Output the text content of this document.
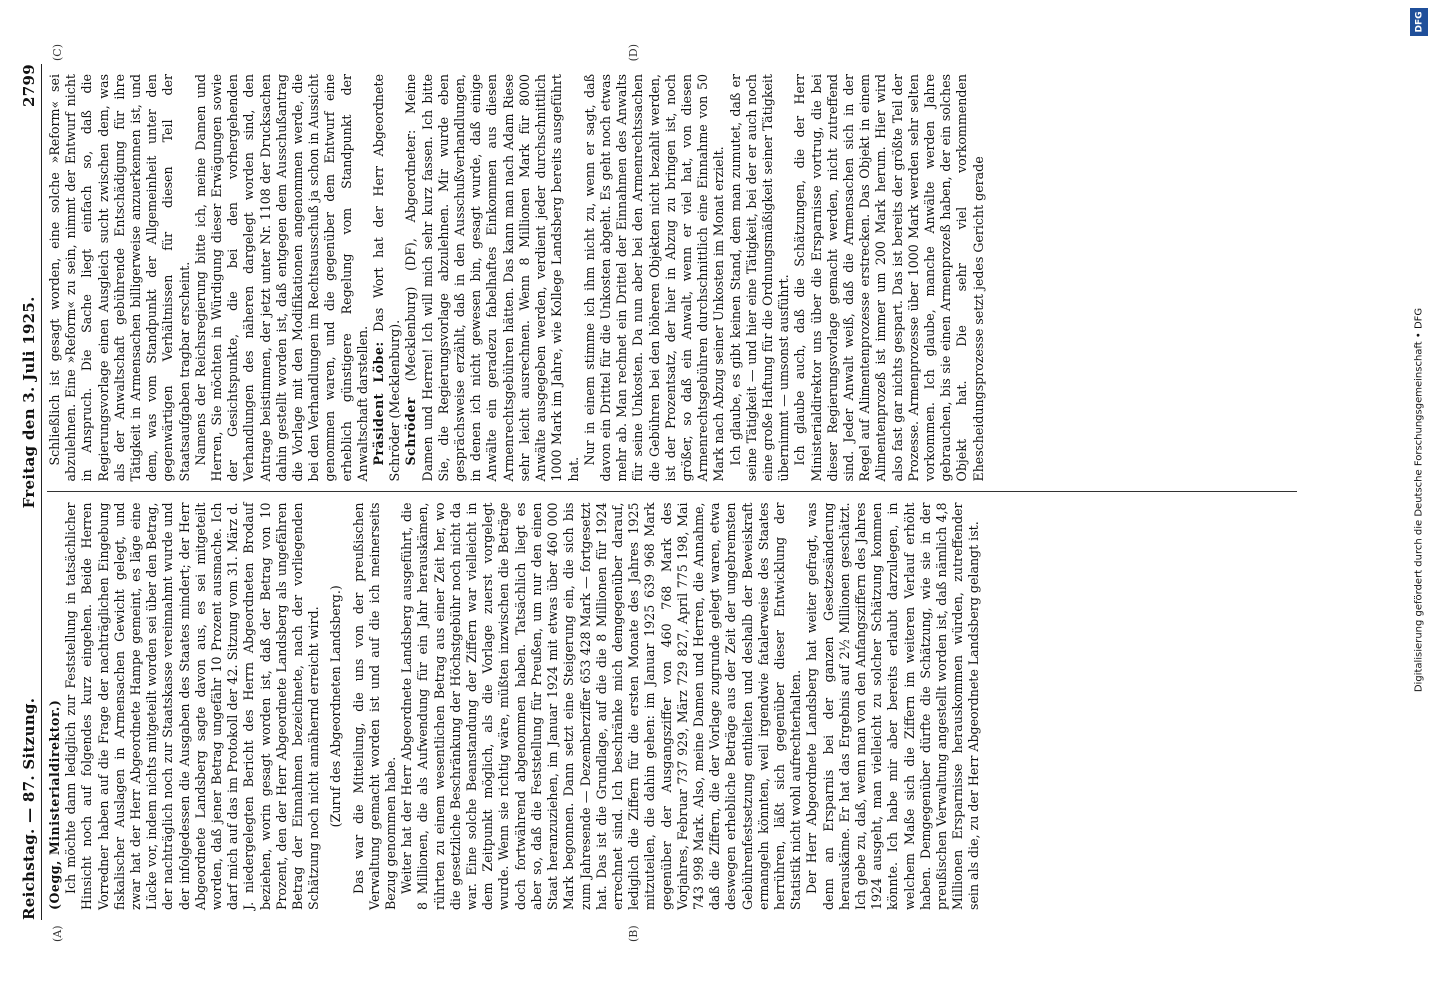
Reichstag. — 87. Sitzung.
Freitag den 3. Juli 1925.
2799
(A)	(B)
(C)	(D)

(Oegg, Ministerialdirektor.) Ich möchte dann lediglich zur Feststellung in tatsächlicher Hinsicht noch auf folgendes kurz eingehen. Beide Herren Vorredner haben auf die Frage der nachträglichen Eingebung fiskalischer Auslagen in Armensachen Gewicht gelegt, und zwar hat der Herr Abgeordnete Hampe gemeint, es läge eine Lücke vor, indem nichts mitgeteilt worden sei über den Betrag, der nachträglich noch zur Staatskasse vereinnahmt wurde und der infolgedessen die Ausgaben des Staates mindert; der Herr Abgeordnete Landsberg sagte davon aus, es sei mitgeteilt worden, daß jener Betrag ungefähr 10 Prozent ausmache. Ich darf mich auf das im Protokoll der 42. Sitzung vom 31. März d. J. niedergelegten Bericht des Herrn Abgeordneten Brodauf beziehen, worin gesagt worden ist, daß der Betrag von 10 Prozent, den der Herr Abgeordnete Landsberg als ungefähren Betrag der Einnahmen bezeichnete, nach der vorliegenden Schätzung noch nicht annähernd erreicht wird. (Zuruf des Abgeordneten Landsberg.) Das war die Mitteilung, die uns von der preußischen Verwaltung gemacht worden ist und auf die ich meinerseits Bezug genommen habe. Weiter hat der Herr Abgeordnete Landsberg ausgeführt, die 8 Millionen, die als Aufwendung für ein Jahr herauskämen, rührten zu einem wesentlichen Betrag aus einer Zeit her, wo die gesetzliche Beschränkung der Höchstgebühr noch nicht da war. Eine solche Beanstandung der Ziffern war vielleicht in dem Zeitpunkt möglich, als die Vorlage zuerst vorgelegt wurde. Wenn sie richtig wäre, müßten inzwischen die Beträge doch fortwährend abgenommen haben. Tatsächlich liegt es aber so, daß die Feststellung für Preußen, um nur den einen Staat heranzuziehen, im Januar 1924 mit etwas über 460 000 Mark begonnen. Dann setzt eine Steigerung ein, die sich bis zum Jahresende — Dezemberziffer 653 428 Mark — fortgesetzt hat. Das ist die Grundlage, auf die die 8 Millionen für 1924 errechnet sind. Ich beschränke mich demgegenüber darauf, lediglich die Ziffern für die ersten Monate des Jahres 1925 mitzuteilen, die dahin gehen: im Januar 1925 639 968 Mark gegenüber der Ausgangsziffer von 460 768 Mark des Vorjahres, Februar 737 929, März 729 827, April 775 198, Mai 743 998 Mark. Also, meine Damen und Herren, die Annahme, daß die Ziffern, die der Vorlage zugrunde gelegt waren, etwa deswegen erhebliche Beträge aus der Zeit der ungebremsten Gebührenfestsetzung enthielten und deshalb der Beweiskraft ermangeln könnten, weil irgendwie fatalerweise des Staates herrühren, läßt sich gegenüber dieser Entwicklung der Statistik nicht wohl aufrechterhalten. Der Herr Abgeordnete Landsberg hat weiter gefragt, was denn an Ersparnis bei der ganzen Gesetzesänderung herauskäme. Er hat das Ergebnis auf 2½ Millionen geschätzt. Ich gebe zu, daß, wenn man von den Anfangsziffern des Jahres 1924 ausgeht, man vielleicht zu solcher Schätzung kommen könnte. Ich habe mir aber bereits erlaubt darzulegen, in welchem Maße sich die Ziffern im weiteren Verlauf erhöht haben. Demgegenüber dürfte die Schätzung, wie sie in der preußischen Verwaltung angestellt worden ist, daß nämlich 4,8 Millionen Ersparnisse herauskommen würden, zutreffender sein als die, zu der Herr Abgeordnete Landsberg gelangt ist.

Schließlich ist gesagt worden, eine solche »Reform« sei abzulehnen. Eine »Reform« zu sein, nimmt der Entwurf nicht in Anspruch. Die Sache liegt einfach so, daß die Regierungsvorlage einen Ausgleich sucht zwischen dem, was als der Anwaltschaft gebührende Entschädigung für ihre Tätigkeit in Armensachen billigerweise anzuerkennen ist, und dem, was vom Standpunkt der Allgemeinheit unter den gegenwärtigen Verhältnissen für diesen Teil der Staatsaufgaben tragbar erscheint. Namens der Reichsregierung bitte ich, meine Damen und Herren, Sie möchten in Würdigung dieser Erwägungen sowie der Gesichtspunkte, die bei den vorhergehenden Verhandlungen des näheren dargelegt worden sind, den Antrage beistimmen, der jetzt unter Nr. 1108 der Drucksachen dahin gestellt worden ist, daß entgegen dem Ausschußantrag die Vorlage mit den Modifikationen angenommen werde, die bei den Verhandlungen im Rechtsausschuß ja schon in Aussicht genommen waren, und die gegenüber dem Entwurf eine erheblich günstigere Regelung vom Standpunkt der Anwaltschaft darstellen. Präsident Löbe: Das Wort hat der Herr Abgeordnete Schröder (Mecklenburg). Schröder (Mecklenburg) (DF), Abgeordneter: Meine Damen und Herren! Ich will mich sehr kurz fassen. Ich bitte Sie, die Regierungsvorlage abzulehnen. Mir wurde eben gesprächsweise erzählt, daß in den Ausschußverhandlungen, in denen ich nicht gewesen bin, gesagt wurde, daß einige Anwälte ein geradezu fabelhaftes Einkommen aus diesen Armenrechtsgebühren hätten. Das kann man nach Adam Riese sehr leicht ausrechnen. Wenn 8 Millionen Mark für 8000 Anwälte ausgegeben werden, verdient jeder durchschnittlich 1000 Mark im Jahre, wie Kollege Landsberg bereits ausgeführt hat.

Nur in einem stimme ich ihm nicht zu, wenn er sagt, daß davon ein Drittel für die Unkosten abgeht. Es geht noch etwas mehr ab. Man rechnet ein Drittel der Einnahmen des Anwalts für seine Unkosten. Da nun aber bei den Armenrechtssachen die Gebühren bei den höheren Objekten nicht bezahlt werden, ist der Prozentsatz, der hier in Abzug zu bringen ist, noch größer, so daß ein Anwalt, wenn er viel hat, von diesen Armenrechtsgebühren durchschnittlich eine Einnahme von 50 Mark nach Abzug seiner Unkosten im Monat erzielt. Ich glaube, es gibt keinen Stand, dem man zumutet, daß er seine Tätigkeit — und hier eine Tätigkeit, bei der er auch noch eine große Haftung für die Ordnungsmäßigkeit seiner Tätigkeit übernimmt — umsonst ausführt. Ich glaube auch, daß die Schätzungen, die der Herr Ministerialdirektor uns über die Ersparnisse vortrug, die bei dieser Regierungsvorlage gemacht werden, nicht zutreffend sind. Jeder Anwalt weiß, daß die Armensachen sich in der Regel auf Alimentenprozesse erstrecken. Das Objekt in einem Alimentenprozeß ist immer um 200 Mark herum. Hier wird also fast gar nichts gespart. Das ist bereits der größte Teil der Prozesse. Armenprozesse über 1000 Mark werden sehr selten vorkommen. Ich glaube, manche Anwälte werden Jahre gebrauchen, bis sie einen Armenprozeß haben, der ein solches Objekt hat. Die sehr viel vorkommenden Ehescheidungsprozesse setzt jedes Gericht gerade

DFG
Digitalisierung gefördert durch die Deutsche Forschungsgemeinschaft • DFG
